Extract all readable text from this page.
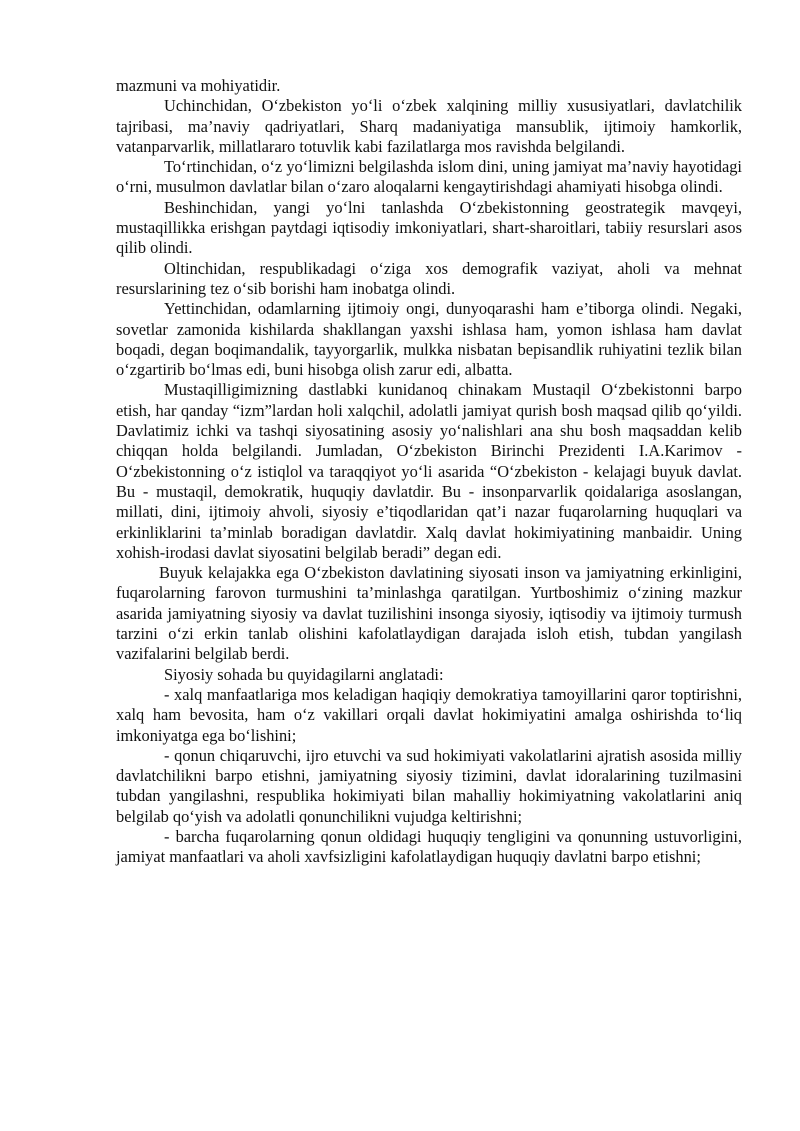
mazmuni va mohiyatidir.

Uchinchidan, O‘zbekiston yo‘li o‘zbek xalqining milliy xususiyatlari, davlatchilik tajribasi, ma’naviy qadriyatlari, Sharq madaniyatiga mansublik, ijtimoiy hamkorlik, vatanparvarlik, millatlararo totuvlik kabi fazilatlarga mos ravishda belgilandi.

To‘rtinchidan, o‘z yo‘limizni belgilashda islom dini, uning jamiyat ma’naviy hayotidagi o‘rni, musulmon davlatlar bilan o‘zaro aloqalarni kengaytirishdagi ahamiyati hisobga olindi.

Beshinchidan, yangi yo‘lni tanlashda O‘zbekistonning geostrategik mavqeyi, mustaqillikka erishgan paytdagi iqtisodiy imkoniyatlari, shart-sharoitlari, tabiiy resurslari asos qilib olindi.

Oltinchidan, respublikadagi o‘ziga xos demografik vaziyat, aholi va mehnat resurslarining tez o‘sib borishi ham inobatga olindi.

Yettinchidan, odamlarning ijtimoiy ongi, dunyoqarashi ham e’tiborga olindi. Negaki, sovetlar zamonida kishilarda shakllangan yaxshi ishlasa ham, yomon ishlasa ham davlat boqadi, degan boqimandalik, tayyorgarlik, mulkka nisbatan bepisandlik ruhiyatini tezlik bilan o‘zgartirib bo‘lmas edi, buni hisobga olish zarur edi, albatta.

Mustaqilligimizning dastlabki kunidanoq chinakam Mustaqil O‘zbekistonni barpo etish, har qanday “izm”lardan holi xalqchil, adolatli jamiyat qurish bosh maqsad qilib qo‘yildi. Davlatimiz ichki va tashqi siyosatining asosiy yo‘nalishlari ana shu bosh maqsaddan kelib chiqqan holda belgilandi. Jumladan, O‘zbekiston Birinchi Prezidenti I.A.Karimov - O‘zbekistonning o‘z istiqlol va taraqqiyot yo‘li asarida “O‘zbekiston - kelajagi buyuk davlat. Bu - mustaqil, demokratik, huquqiy davlatdir. Bu - insonparvarlik qoidalariga asoslangan, millati, dini, ijtimoiy ahvoli, siyosiy e’tiqodlaridan qat’i nazar fuqarolarning huquqlari va erkinliklarini ta’minlab boradigan davlatdir. Xalq davlat hokimiyatining manbaidir. Uning xohish-irodasi davlat siyosatini belgilab beradi” degan edi.

Buyuk kelajakka ega O‘zbekiston davlatining siyosati inson va jamiyatning erkinligini, fuqarolarning farovon turmushini ta’minlashga qaratilgan. Yurtboshimiz o‘zining mazkur asarida jamiyatning siyosiy va davlat tuzilishini insonga siyosiy, iqtisodiy va ijtimoiy turmush tarzini o‘zi erkin tanlab olishini kafolatlaydigan darajada isloh etish, tubdan yangilash vazifalarini belgilab berdi.

Siyosiy sohada bu quyidagilarni anglatadi:

- xalq manfaatlariga mos keladigan haqiqiy demokratiya tamoyillarini qaror toptirishni, xalq ham bevosita, ham o‘z vakillari orqali davlat hokimiyatini amalga oshirishda to‘liq imkoniyatga ega bo‘lishini;

- qonun chiqaruvchi, ijro etuvchi va sud hokimiyati vakolatlarini ajratish asosida milliy davlatchilikni barpo etishni, jamiyatning siyosiy tizimini, davlat idoralarining tuzilmasini tubdan yangilashni, respublika hokimiyati bilan mahalliy hokimiyatning vakolatlarini aniq belgilab qo‘yish va adolatli qonunchilikni vujudga keltirishni;

- barcha fuqarolarning qonun oldidagi huquqiy tengligini va qonunning ustuvorligini, jamiyat manfaatlari va aholi xavfsizligini kafolatlaydigan huquqiy davlatni barpo etishni;
